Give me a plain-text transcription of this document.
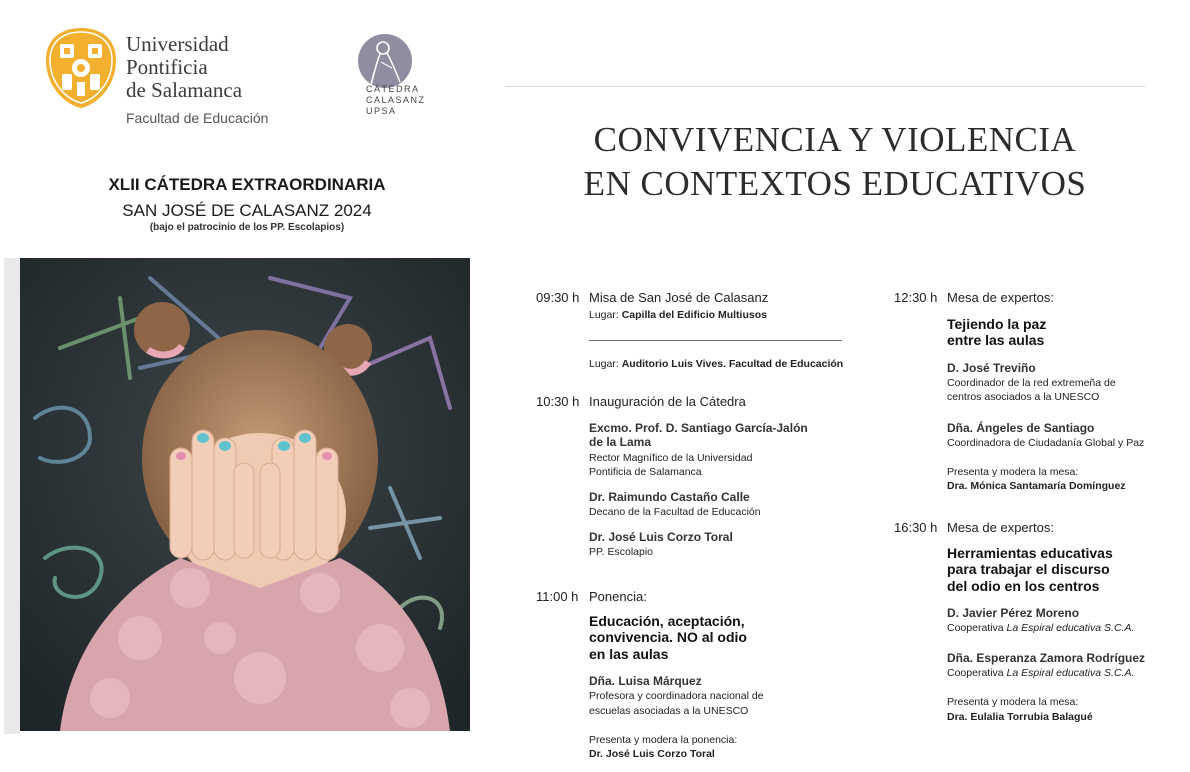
Universidad
Pontificia
de Salamanca
Facultad de Educación
CÁTEDRA
CALASANZ
UPSA
XLII CÁTEDRA EXTRAORDINARIA
SAN JOSÉ DE CALASANZ 2024
(bajo el patrocinio de los PP. Escolapios)
CONVIVENCIA Y VIOLENCIA
EN CONTEXTOS EDUCATIVOS
09:30 h Misa de San José de Calasanz
Lugar: Capilla del Edificio Multiusos
Lugar: Auditorio Luis Vives. Facultad de Educación
10:30 h Inauguración de la Cátedra
Excmo. Prof. D. Santiago García-Jalón
de la Lama
Rector Magnífico de la Universidad
Pontificia de Salamanca
Dr. Raimundo Castaño Calle
Decano de la Facultad de Educación
Dr. José Luis Corzo Toral
PP. Escolapio
11:00 h Ponencia:
Educación, aceptación,
convivencia. NO al odio
en las aulas
Dña. Luisa Márquez
Profesora y coordinadora nacional de
escuelas asociadas a la UNESCO
Presenta y modera la ponencia:
Dr. José Luis Corzo Toral
12:30 h Mesa de expertos:
Tejiendo la paz
entre las aulas
D. José Treviño
Coordinador de la red extremeña de
centros asociados a la UNESCO
Dña. Ángeles de Santiago
Coordinadora de Ciudadanía Global y Paz
Presenta y modera la mesa:
Dra. Mónica Santamaría Domínguez
16:30 h Mesa de expertos:
Herramientas educativas
para trabajar el discurso
del odio en los centros
D. Javier Pérez Moreno
Cooperativa La Espiral educativa S.C.A.
Dña. Esperanza Zamora Rodríguez
Cooperativa La Espiral educativa S.C.A.
Presenta y modera la mesa:
Dra. Eulalia Torrubia Balagué
